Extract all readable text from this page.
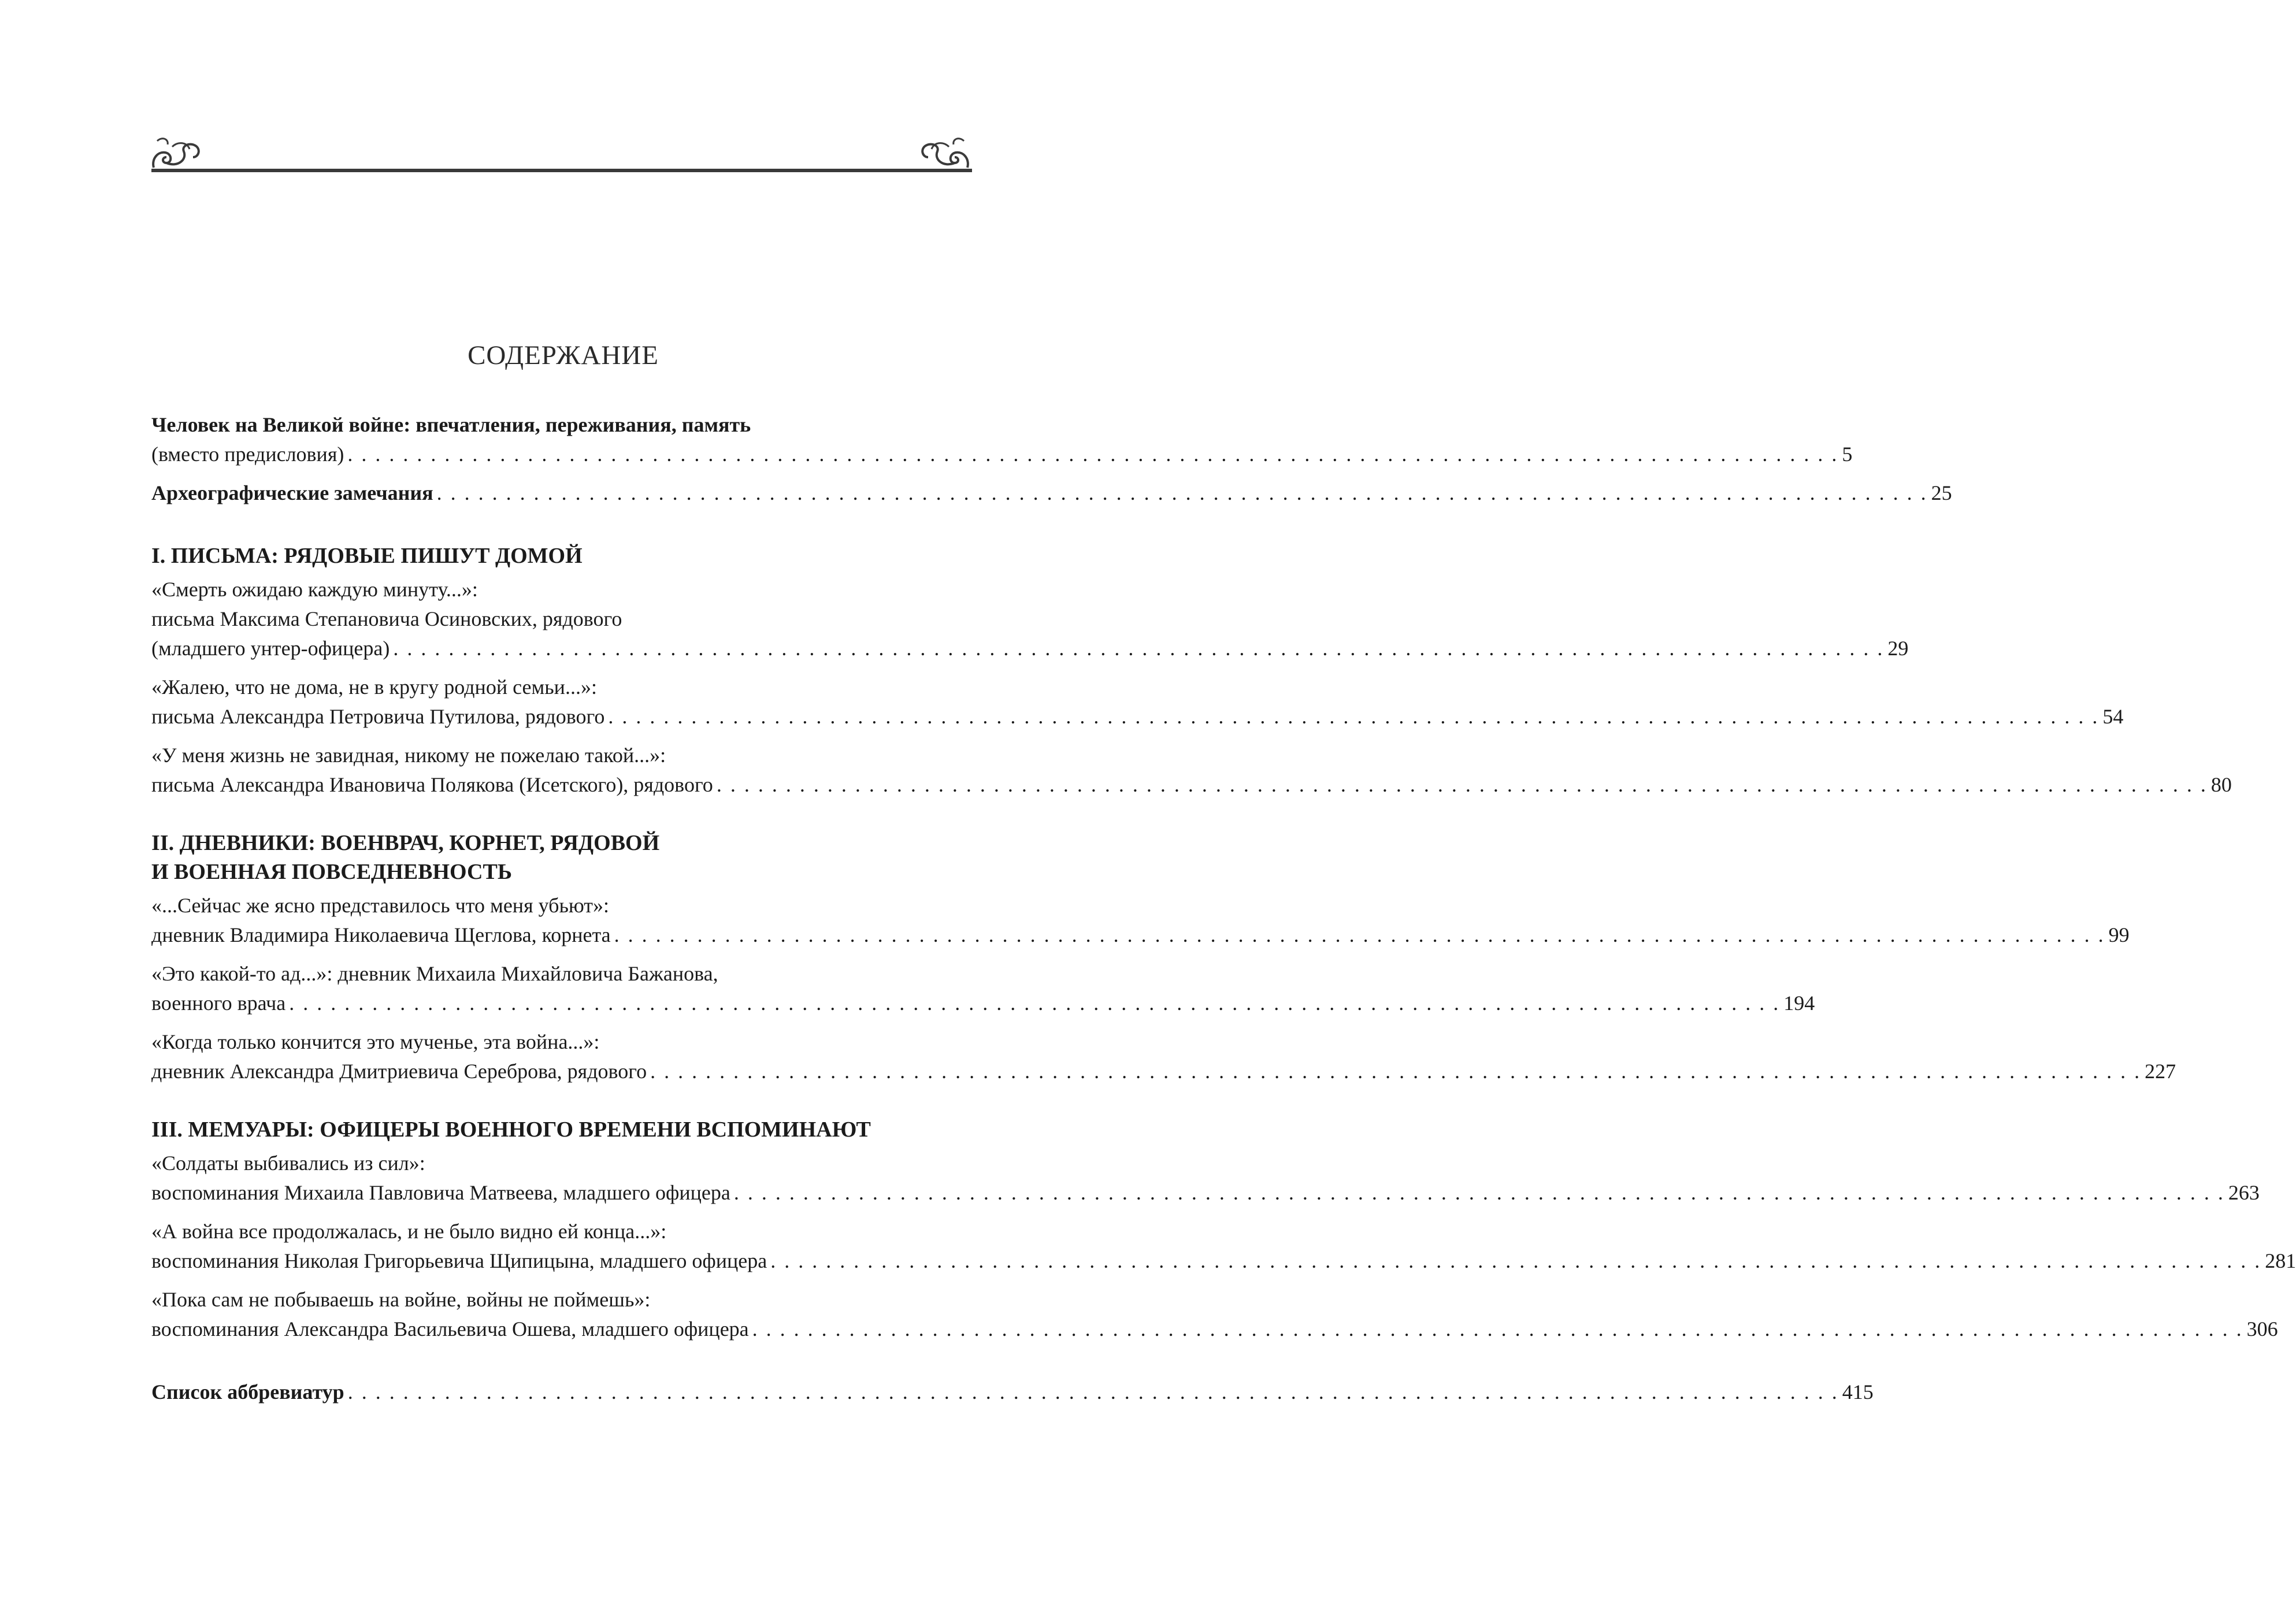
СОДЕРЖАНИЕ
Человек на Великой войне: впечатления, переживания, память
(вместо предисловия) . . . . . . . . . . . . . . . . . . . . . . . . . . . . . . . . . . . . . . . . . . . . . . . . . . . . . . . . . . . . . . . . . . . . . . . . . . . . . . . . . . . . . . . . . . . . . . . . . . . . . . . . . . . . 5
Археографические замечания . . . . . . . . . . . . . . . . . . . . . . . . . . . . . . . . . . . . . . . . . . . . . . . . . . . . . . . . . . . . . . . . . . . . . . . . . . . . . . . . . . . . . . . . . . . . . . . . . . . . . . . . . . . . 25
I. ПИСЬМА: РЯДОВЫЕ ПИШУТ ДОМОЙ
«Смерть ожидаю каждую минуту...»:
письма Максима Степановича Осиновских, рядового
(младшего унтер-офицера) . . . . . . . . . . . . . . . . . . . . . . . . . . . . . . . . . . . . . . . . . . . . . . . . . . . . . . . . . . . . . . . . . . . . . . . . . . . . . . . . . . . . . . . . . . . . . . . . . . . . . . . . . . . . 29
«Жалею, что не дома, не в кругу родной семьи...»:
письма Александра Петровича Путилова, рядового . . . . . . . . . . . . . . . . . . . . . . . . . . . . . . . . . . . . . . . . . . . . . . . . . . . . . . . . . . . . . . . . . . . . . . . . . . . . . . . . . . . . . . . . . . . . . . . . . . . . . . . . . . . . 54
«У меня жизнь не завидная, никому не пожелаю такой...»:
письма Александра Ивановича Полякова (Исетского), рядового . . . . . . . . . . . . . . . . . . . . . . . . . . . . . . . . . . . . . . . . . . . . . . . . . . . . . . . . . . . . . . . . . . . . . . . . . . . . . . . . . . . . . . . . . . . . . . . . . . . . . . . . . . . . 80
II. ДНЕВНИКИ: ВОЕНВРАЧ, КОРНЕТ, РЯДОВОЙ
И ВОЕННАЯ ПОВСЕДНЕВНОСТЬ
«...Сейчас же ясно представилось что меня убьют»:
дневник Владимира Николаевича Щеглова, корнета . . . . . . . . . . . . . . . . . . . . . . . . . . . . . . . . . . . . . . . . . . . . . . . . . . . . . . . . . . . . . . . . . . . . . . . . . . . . . . . . . . . . . . . . . . . . . . . . . . . . . . . . . . . . 99
«Это какой-то ад...»: дневник Михаила Михайловича Бажанова,
военного врача . . . . . . . . . . . . . . . . . . . . . . . . . . . . . . . . . . . . . . . . . . . . . . . . . . . . . . . . . . . . . . . . . . . . . . . . . . . . . . . . . . . . . . . . . . . . . . . . . . . . . . . . . . . . 194
«Когда только кончится это мученье, эта война...»:
дневник Александра Дмитриевича Сереброва, рядового . . . . . . . . . . . . . . . . . . . . . . . . . . . . . . . . . . . . . . . . . . . . . . . . . . . . . . . . . . . . . . . . . . . . . . . . . . . . . . . . . . . . . . . . . . . . . . . . . . . . . . . . . . . . 227
III. МЕМУАРЫ: ОФИЦЕРЫ ВОЕННОГО ВРЕМЕНИ ВСПОМИНАЮТ
«Солдаты выбивались из сил»:
воспоминания Михаила Павловича Матвеева, младшего офицера . . . . . . . . . . . . . . . . . . . . . . . . . . . . . . . . . . . . . . . . . . . . . . . . . . . . . . . . . . . . . . . . . . . . . . . . . . . . . . . . . . . . . . . . . . . . . . . . . . . . . . . . . . . . 263
«А война все продолжалась, и не было видно ей конца...»:
воспоминания Николая Григорьевича Щипицына, младшего офицера . . . . . . . . . . . . . . . . . . . . . . . . . . . . . . . . . . . . . . . . . . . . . . . . . . . . . . . . . . . . . . . . . . . . . . . . . . . . . . . . . . . . . . . . . . . . . . . . . . . . . . . . . . . . 281
«Пока сам не побываешь на войне, войны не поймешь»:
воспоминания Александра Васильевича Ошева, младшего офицера . . . . . . . . . . . . . . . . . . . . . . . . . . . . . . . . . . . . . . . . . . . . . . . . . . . . . . . . . . . . . . . . . . . . . . . . . . . . . . . . . . . . . . . . . . . . . . . . . . . . . . . . . . . . 306
Список аббревиатур . . . . . . . . . . . . . . . . . . . . . . . . . . . . . . . . . . . . . . . . . . . . . . . . . . . . . . . . . . . . . . . . . . . . . . . . . . . . . . . . . . . . . . . . . . . . . . . . . . . . . . . . . . . . 415
